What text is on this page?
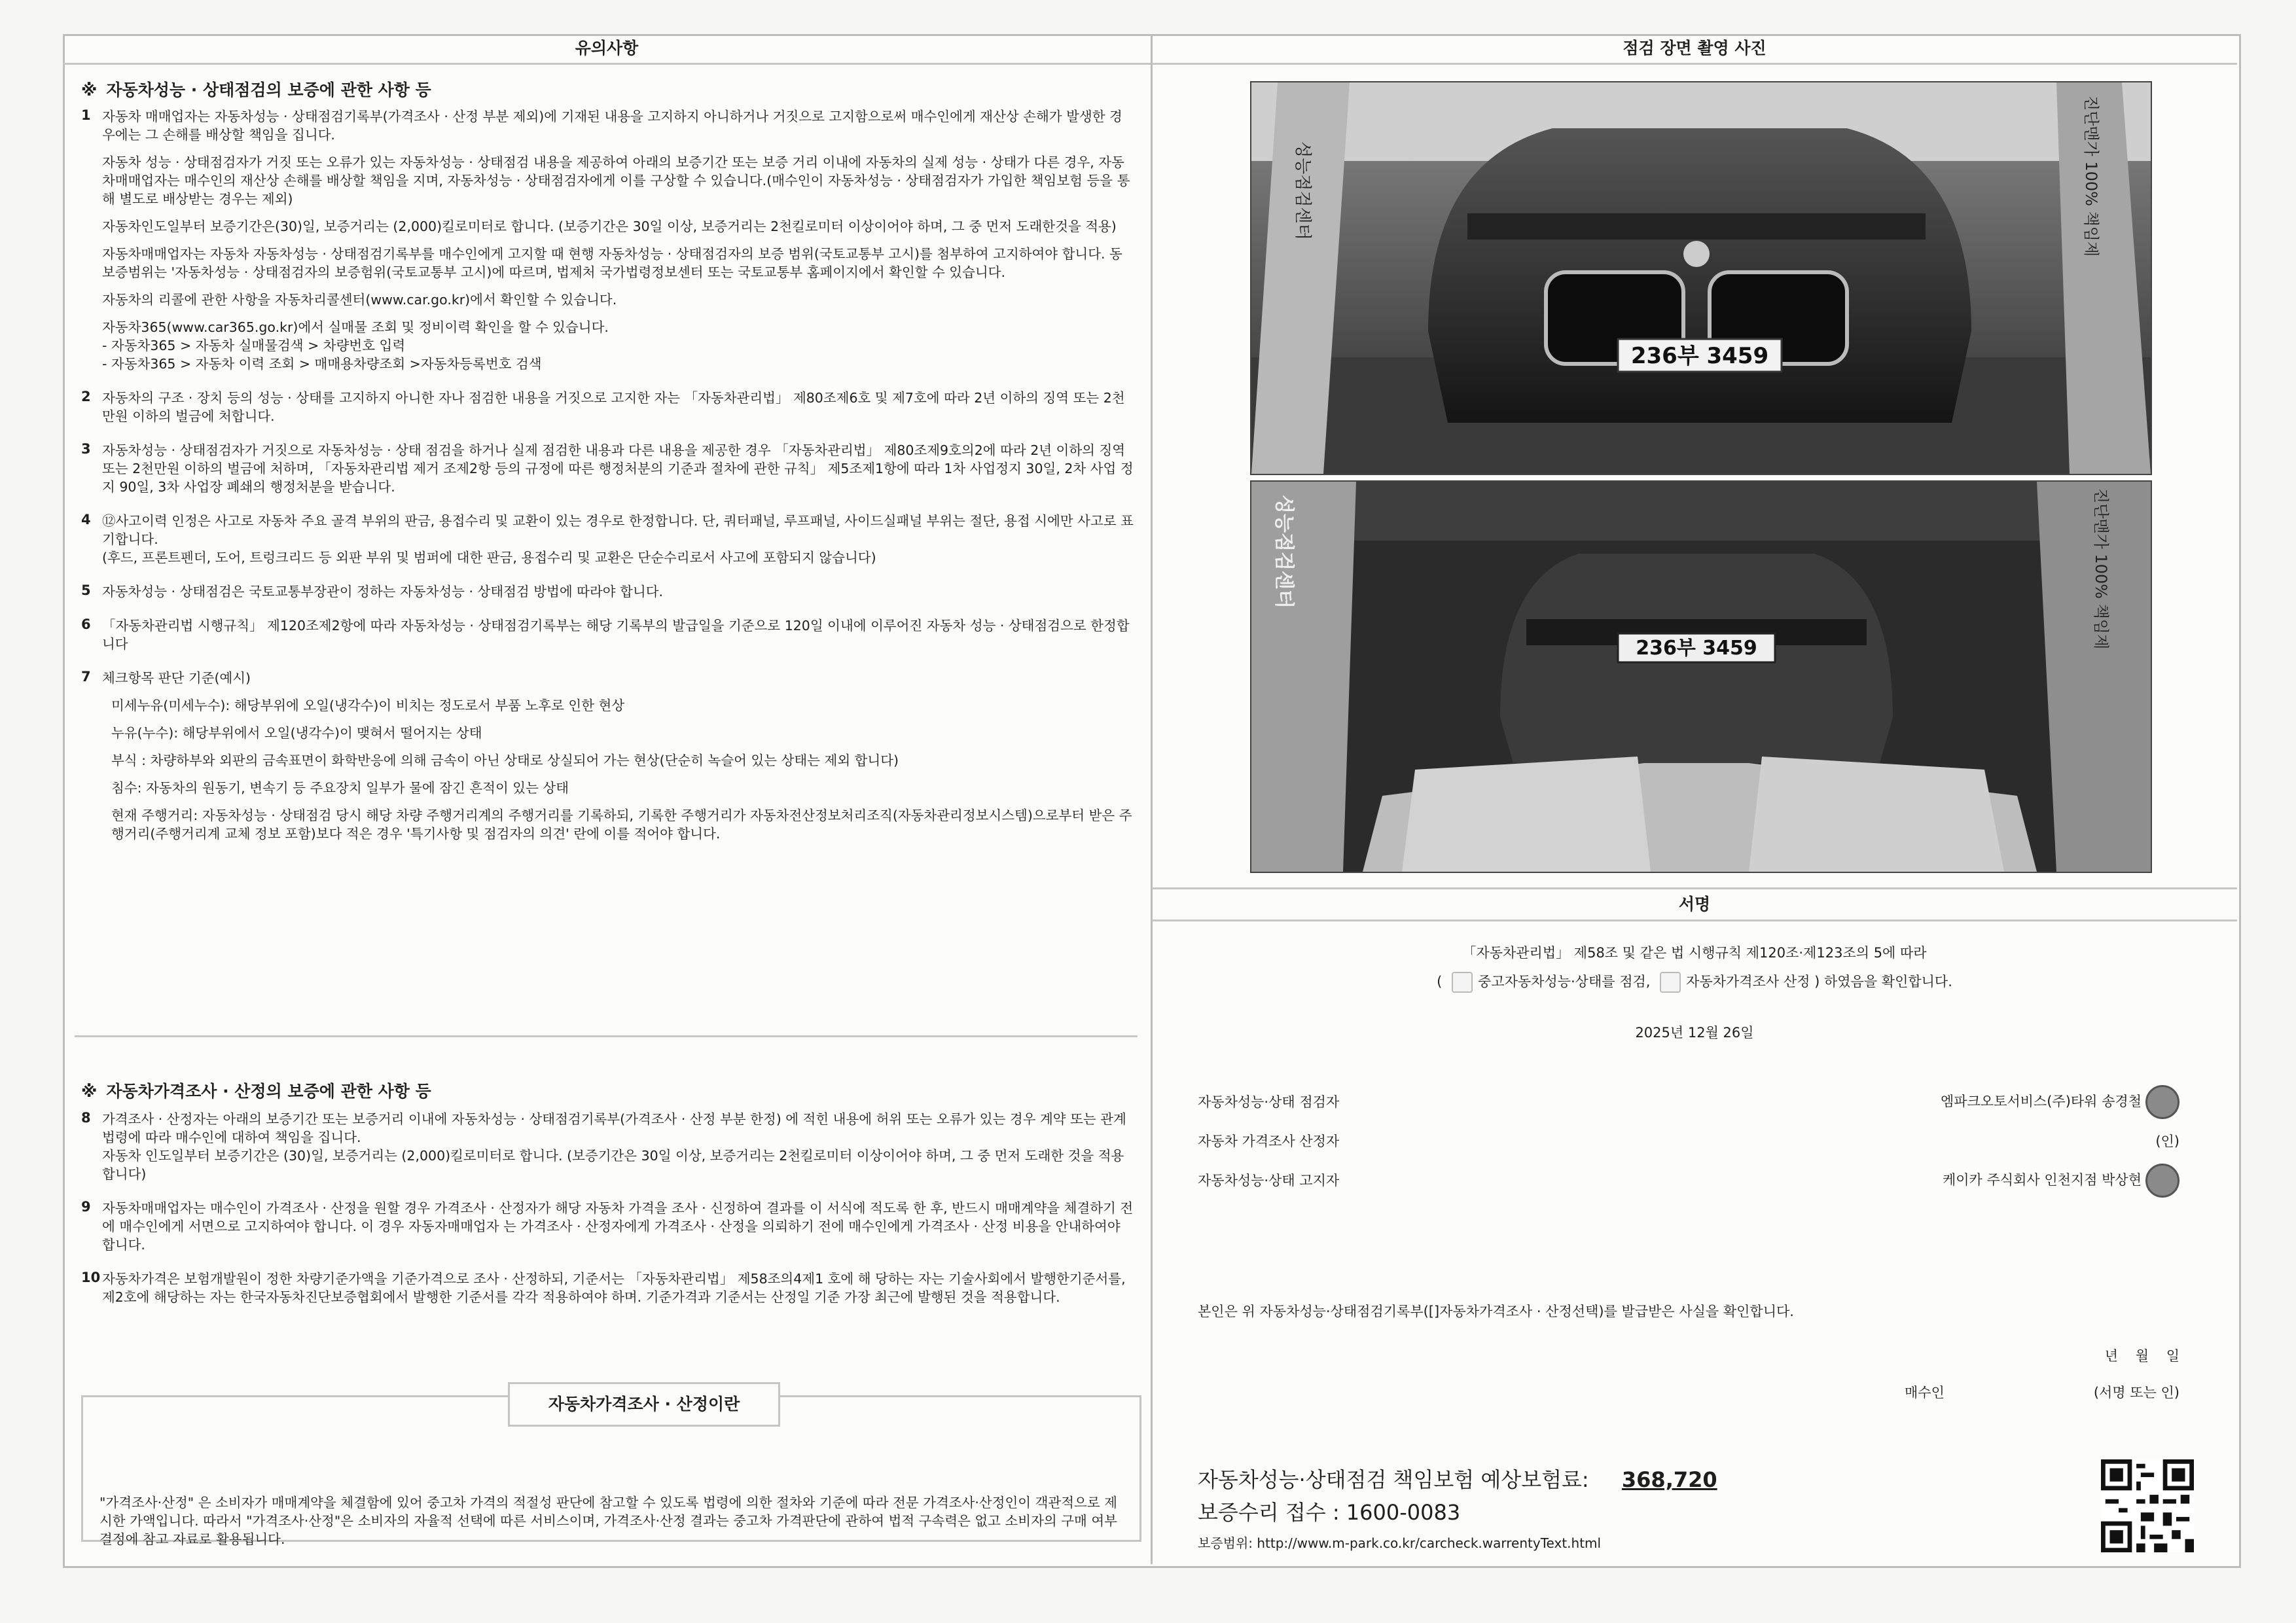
유의사항
※ 자동차성능 · 상태점검의 보증에 관한 사항 등
1 자동차 매매업자는 자동차성능 · 상태점검기록부(가격조사 · 산정 부분 제외)에 기재된 내용을 고지하지 아니하거나 거짓으로 고지함으로써 매수인에게 재산상 손해가 발생한 경우에는 그 손해를 배상할 책임을 집니다.

자동차 성능 · 상태점검자가 거짓 또는 오류가 있는 자동차성능 · 상태점검 내용을 제공하여 아래의 보증기간 또는 보증 거리 이내에 자동차의 실제 성능 · 상태가 다른 경우, 자동차매매업자는 매수인의 재산상 손해를 배상할 책임을 지며, 자동차성능 · 상태점검자에게 이를 구상할 수 있습니다.(매수인이 자동차성능 · 상태점검자가 가입한 책임보험 등을 통해 별도로 배상받는 경우는 제외)

자동차인도일부터 보증기간은(30)일, 보증거리는 (2,000)킬로미터로 합니다. (보증기간은 30일 이상, 보증거리는 2천킬로미터 이상이어야 하며, 그 중 먼저 도래한것을 적용)

자동차매매업자는 자동차 자동차성능 · 상태점검기록부를 매수인에게 고지할 때 현행 자동차성능 · 상태점검자의 보증 범위(국토교통부 고시)를 첨부하여 고지하여야 합니다. 동 보증범위는 '자동차성능 · 상태점검자의 보증험위(국토교통부 고시)에 따르며, 법제처 국가법령정보센터 또는 국토교통부 홈페이지에서 확인할 수 있습니다.

자동차의 리콜에 관한 사항을 자동차리콜센터(www.car.go.kr)에서 확인할 수 있습니다.

자동차365(www.car365.go.kr)에서 실매물 조회 및 정비이력 확인을 할 수 있습니다.
- 자동차365 > 자동차 실매물검색 > 차량번호 입력
- 자동차365 > 자동차 이력 조회 > 매매용차량조회 >자동차등록번호 검색

2 자동차의 구조 · 장치 등의 성능 · 상태를 고지하지 아니한 자나 점검한 내용을 거짓으로 고지한 자는 「자동차관리법」 제80조제6호 및 제7호에 따라 2년 이하의 징역 또는 2천만원 이하의 벌금에 처합니다.

3 자동차성능 · 상태점검자가 거짓으로 자동차성능 · 상태 점검을 하거나 실제 점검한 내용과 다른 내용을 제공한 경우 「자동차관리법」 제80조제9호의2에 따라 2년 이하의 징역 또는 2천만원 이하의 벌금에 처하며, 「자동차관리법 제거 조제2항 등의 규정에 따른 행정처분의 기준과 절차에 관한 규칙」 제5조제1항에 따라 1차 사업정지 30일, 2차 사업 정지 90일, 3차 사업장 폐쇄의 행정처분을 받습니다.

4 ⑫사고이력 인정은 사고로 자동차 주요 골격 부위의 판금, 용접수리 및 교환이 있는 경우로 한정합니다. 단, 쿼터패널, 루프패널, 사이드실패널 부위는 절단, 용접 시에만 사고로 표기합니다.
(후드, 프론트펜더, 도어, 트렁크리드 등 외판 부위 및 범퍼에 대한 판금, 용접수리 및 교환은 단순수리로서 사고에 포함되지 않습니다)

5 자동차성능 · 상태점검은 국토교통부장관이 정하는 자동차성능 · 상태점검 방법에 따라야 합니다.

6 「자동차관리법 시행규칙」 제120조제2항에 따라 자동차성능 · 상태점검기록부는 해당 기록부의 발급일을 기준으로 120일 이내에 이루어진 자동차 성능 · 상태점검으로 한정합니다

7 체크항목 판단 기준(예시)

미세누유(미세누수): 해당부위에 오일(냉각수)이 비치는 정도로서 부품 노후로 인한 현상

누유(누수): 해당부위에서 오일(냉각수)이 맺혀서 떨어지는 상태

부식 : 차량하부와 외판의 금속표면이 화학반응에 의해 금속이 아닌 상태로 상실되어 가는 현상(단순히 녹슬어 있는 상태는 제외 합니다)

침수: 자동차의 원동기, 변속기 등 주요장치 일부가 물에 잠긴 흔적이 있는 상태

현재 주행거리: 자동차성능 · 상태점검 당시 해당 차량 주행거리계의 주행거리를 기록하되, 기록한 주행거리가 자동차전산정보처리조직(자동차관리정보시스템)으로부터 받은 주행거리(주행거리계 교체 정보 포함)보다 적은 경우 '특기사항 및 점검자의 의견' 란에 이를 적어야 합니다.

※ 자동차가격조사 · 산정의 보증에 관한 사항 등
8 가격조사 · 산정자는 아래의 보증기간 또는 보증거리 이내에 자동차성능 · 상태점검기록부(가격조사 · 산정 부분 한정) 에 적힌 내용에 허위 또는 오류가 있는 경우 계약 또는 관계법령에 따라 매수인에 대하여 책임을 집니다.
자동차 인도일부터 보증기간은 (30)일, 보증거리는 (2,000)킬로미터로 합니다. (보증기간은 30일 이상, 보증거리는 2천킬로미터 이상이어야 하며, 그 중 먼저 도래한 것을 적용합니다)

9 자동차매매업자는 매수인이 가격조사 · 산정을 원할 경우 가격조사 · 산정자가 해당 자동차 가격을 조사 · 신정하여 결과를 이 서식에 적도록 한 후, 반드시 매매계약을 체결하기 전에 매수인에게 서면으로 고지하여야 합니다. 이 경우 자동자매매업자 는 가격조사 · 산정자에게 가격조사 · 산정을 의뢰하기 전에 매수인에게 가격조사 · 산정 비용을 안내하여야 합니다.

10 자동차가격은 보험개발원이 정한 차량기준가액을 기준가격으로 조사 · 산정하되, 기준서는 「자동차관리법」 제58조의4제1 호에 해 당하는 자는 기술사회에서 발행한기준서를, 제2호에 해당하는 자는 한국자동차진단보증협회에서 발행한 기준서를 각각 적용하여야 하며. 기준가격과 기준서는 산정일 기준 가장 최근에 발행된 것을 적용합니다.

자동차가격조사 · 산정이란
"가격조사·산정" 은 소비자가 매매계약을 체결함에 있어 중고차 가격의 적절성 판단에 참고할 수 있도록 법령에 의한 절차와 기준에 따라 전문 가격조사·산정인이 객관적으로 제시한 가액입니다. 따라서 "가격조사·산정"은 소비자의 자율적 선택에 따른 서비스이며, 가격조사·산정 결과는 중고차 가격판단에 관하여 법적 구속력은 없고 소비자의 구매 여부 결정에 참고 자료로 활용됩니다.
점검 장면 촬영 사진
236부 3459
성능점검센터	진단맨가 100% 책임제
236부 3459
성능점검센터	진단맨가 100% 책임제
서명
「자동차관리법」 제58조 및 같은 법 시행규칙 제120조·제123조의 5에 따라
(	중고자동차성능·상태를 점검,	자동차가격조사 산정 ) 하였음을 확인합니다.
2025년 12월 26일
자동차성능·상태 점검자	엠파크오토서비스(주)타워 송경철
자동차 가격조사 산정자	(인)
자동차성능·상태 고지자	케이카 주식회사 인천지점 박상현
본인은 위 자동차성능·상태점검기록부([]자동차가격조사 · 산정선택)를 발급받은 사실을 확인합니다.
년    월    일
매수인	(서명 또는 인)
자동차성능·상태점검 책임보험 예상보험료: 368,720
보증수리 접수 : 1600-0083
보증범위: http://www.m-park.co.kr/carcheck.warrentyText.html
